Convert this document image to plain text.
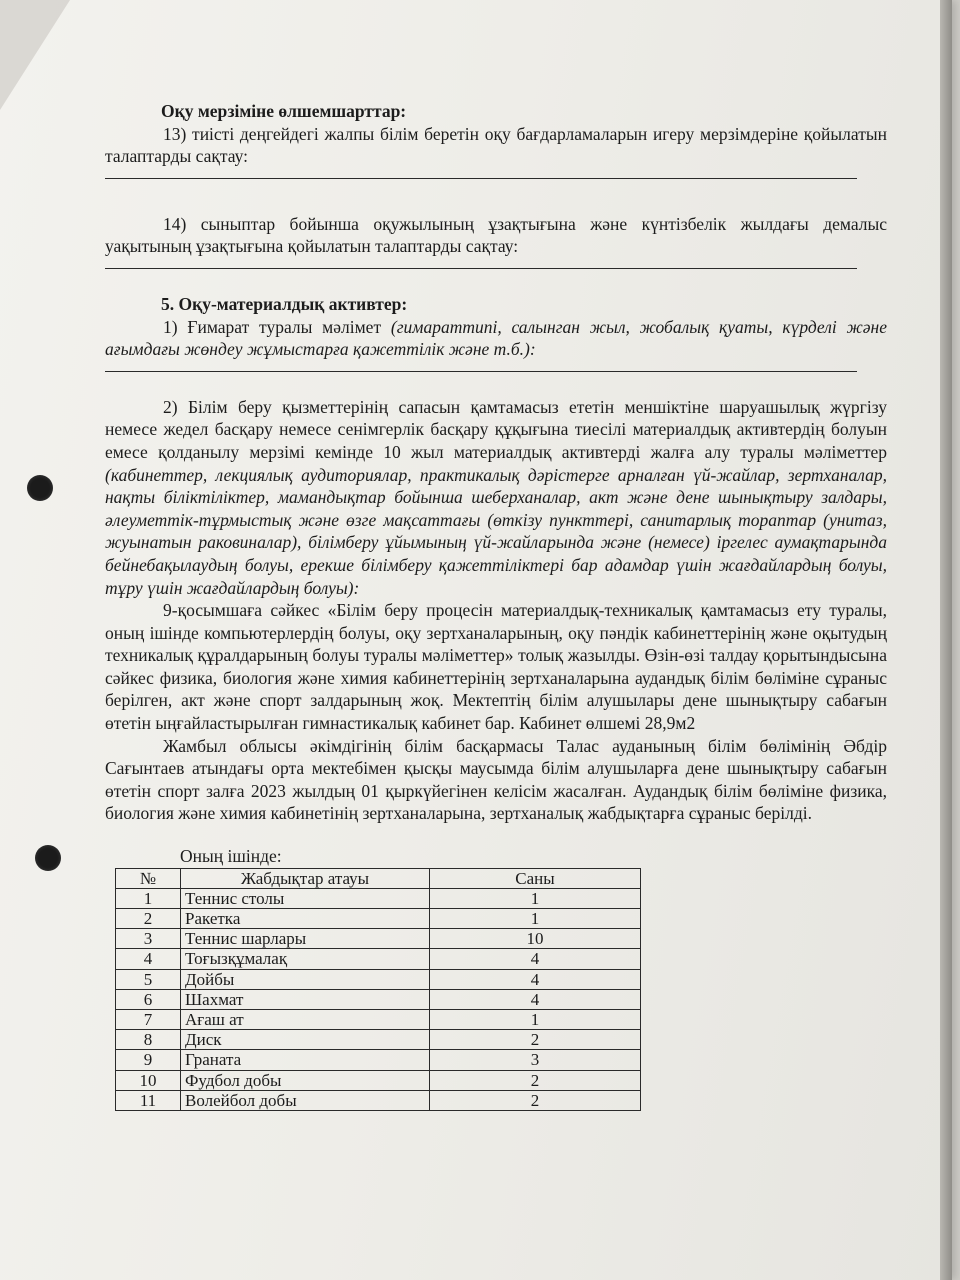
Оқу мерзіміне өлшемшарттар:

13) тиісті деңгейдегі жалпы білім беретін оқу бағдарламаларын игеру мерзімдеріне қойылатын талаптарды сақтау:

14) сыныптар бойынша оқужылының ұзақтығына және күнтізбелік жылдағы демалыс уақытының ұзақтығына қойылатын талаптарды сақтау:

5. Оқу-материалдық активтер:

1) Ғимарат туралы мәлімет (гимараттипі, салынган жыл, жобалық қуаты, күрделі және ағымдағы жөндеу жұмыстарға қажеттілік және т.б.):

2) Білім беру қызметтерінің сапасын қамтамасыз ететін меншіктіне шаруашылық жүргізу немесе жедел басқару немесе сенімгерлік басқару құқығына тиесілі материалдық активтердің болуын емесе қолданылу мерзімі кемінде 10 жыл материалдық активтерді жалға алу туралы мәліметтер (кабинеттер, лекциялық аудиториялар, практикалық дәрістерге арналған үй-жайлар, зертханалар, нақты біліктіліктер, мамандықтар бойынша шеберханалар, акт және дене шынықтыру залдары, әлеуметтік-тұрмыстық және өзге мақсаттағы (өткізу пункттері, санитарлық тораптар (унитаз, жуынатын раковиналар), білімберу ұйымының үй-жайларында және (немесе) іргелес аумақтарында бейнебақылаудың болуы, ерекше білімберу қажеттіліктері бар адамдар үшін жағдайлардың болуы, тұру үшін жағдайлардың болуы):

9-қосымшаға сәйкес «Білім беру процесін материалдық-техникалық қамтамасыз ету туралы, оның ішінде компьютерлердің болуы, оқу зертханаларының, оқу пәндік кабинеттерінің және оқытудың техникалық құралдарының болуы туралы мәліметтер» толық жазылды. Өзін-өзі талдау қорытындысына сәйкес физика, биология және химия кабинеттерінің зертханаларына аудандық білім бөліміне сұраныс берілген, акт және спорт залдарының жоқ. Мектептің білім алушылары дене шынықтыру сабағын өтетін ыңғайластырылған гимнастикалық кабинет бар. Кабинет өлшемі 28,9м2

Жамбыл облысы әкімдігінің білім басқармасы Талас ауданының білім бөлімінің Әбдір Сағынтаев атындағы орта мектебімен қысқы маусымда білім алушыларға дене шынықтыру сабағын өтетін спорт залға 2023 жылдың 01 қыркүйегінен келісім жасалған. Аудандық білім бөліміне физика, биология және химия кабинетінің зертханаларына, зертханалық жабдықтарға сұраныс берілді.

Оның ішінде:

№	Жабдықтар атауы	Саны
1	Теннис столы	1
2	Ракетка	1
3	Теннис шарлары	10
4	Тоғызқұмалақ	4
5	Дойбы	4
6	Шахмат	4
7	Ағаш ат	1
8	Диск	2
9	Граната	3
10	Фудбол добы	2
11	Волейбол добы	2
